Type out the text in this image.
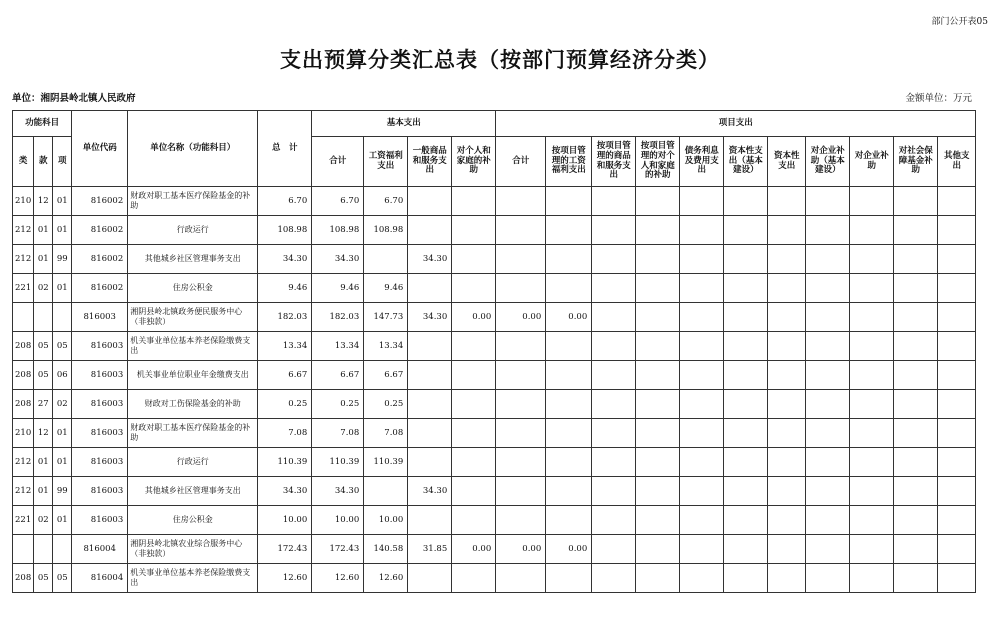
部门公开表05
支出预算分类汇总表（按部门预算经济分类）
单位：湘阴县岭北镇人民政府	金额单位：万元
功能科目			单位代码	单位名称（功能科目）	总　计	基本支出				项目支出										
类	款	项				合计	工资福利支出	一般商品和服务支出	对个人和家庭的补助	合计	按项目管理的工资福利支出	按项目管理的商品和服务支出	按项目管理的对个人和家庭的补助	债务利息及费用支出	资本性支出（基本建设）	资本性支出	对企业补助（基本建设）	对企业补助	对社会保障基金补助	其他支出
210	12	01	816002	财政对职工基本医疗保险基金的补助	6.70	6.70	6.70													
212	01	01	816002	行政运行	108.98	108.98	108.98													
212	01	99	816002	其他城乡社区管理事务支出	34.30	34.30		34.30												
221	02	01	816002	住房公积金	9.46	9.46	9.46													
			816003	湘阴县岭北镇政务便民服务中心（非独款）	182.03	182.03	147.73	34.30	0.00	0.00	0.00									
208	05	05	816003	机关事业单位基本养老保险缴费支出	13.34	13.34	13.34													
208	05	06	816003	机关事业单位职业年金缴费支出	6.67	6.67	6.67													
208	27	02	816003	财政对工伤保险基金的补助	0.25	0.25	0.25													
210	12	01	816003	财政对职工基本医疗保险基金的补助	7.08	7.08	7.08													
212	01	01	816003	行政运行	110.39	110.39	110.39													
212	01	99	816003	其他城乡社区管理事务支出	34.30	34.30		34.30												
221	02	01	816003	住房公积金	10.00	10.00	10.00													
			816004	湘阴县岭北镇农业综合服务中心（非独款）	172.43	172.43	140.58	31.85	0.00	0.00	0.00									
208	05	05	816004	机关事业单位基本养老保险缴费支出	12.60	12.60	12.60													
